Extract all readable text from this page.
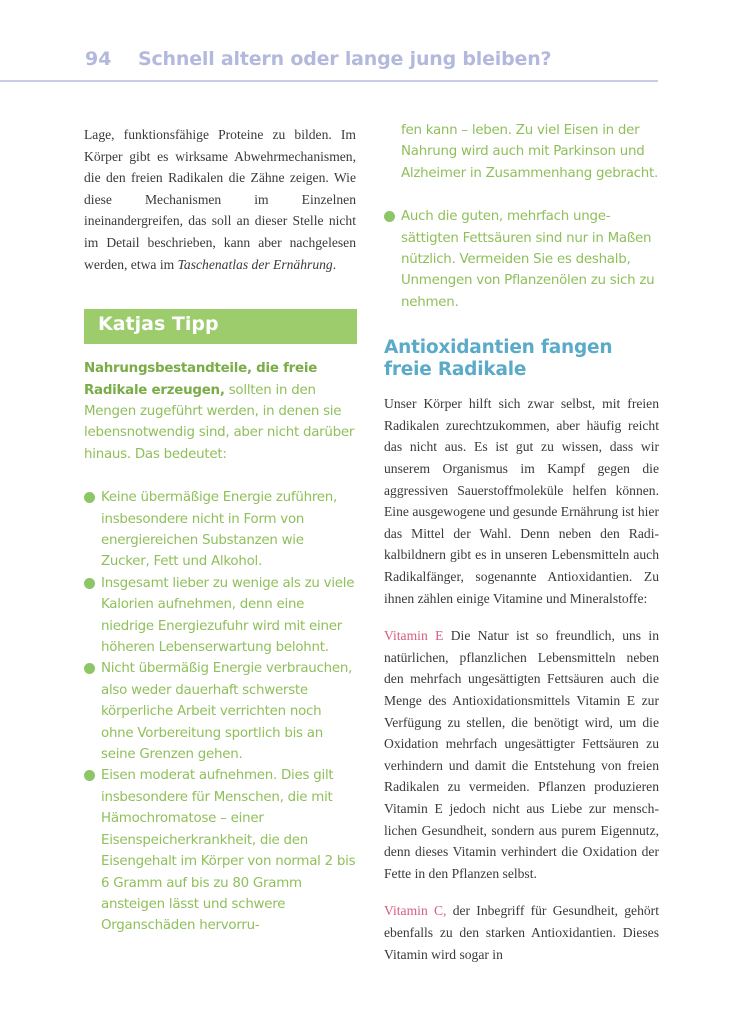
94 Schnell altern oder lange jung bleiben?

Lage, funktionsfähige Proteine zu bilden. Im Körper gibt es wirksame Abwehrmechanismen, die den freien Radikalen die Zähne zeigen. Wie diese Mechanismen im Einzelnen ineinandergreifen, das soll an dieser Stelle nicht im Detail beschrieben, kann aber nachgelesen werden, etwa im Taschenatlas der Ernährung.

Katjas Tipp

Nahrungsbestandteile, die freie Radikale erzeugen, sollten in den Mengen zugeführt werden, in denen sie lebensnotwendig sind, aber nicht darüber hinaus. Das bedeutet:

Keine übermäßige Energie zuführen, insbesondere nicht in Form von energiereichen Substanzen wie Zucker, Fett und Alkohol.
Insgesamt lieber zu wenige als zu viele Kalorien aufnehmen, denn eine niedrige Energiezufuhr wird mit einer höheren Lebenserwartung belohnt.
Nicht übermäßig Energie verbrauchen, also weder dauerhaft schwerste körperliche Arbeit verrichten noch ohne Vorbereitung sportlich bis an seine Grenzen gehen.
Eisen moderat aufnehmen. Dies gilt insbesondere für Menschen, die mit Hämochromatose – einer Eisenspeicherkrankheit, die den Eisengehalt im Körper von normal 2 bis 6 Gramm auf bis zu 80 Gramm ansteigen lässt und schwere Organschäden hervorru-

fen kann – leben. Zu viel Eisen in der Nahrung wird auch mit Parkinson und Alzheimer in Zusammenhang gebracht.

Auch die guten, mehrfach ungesättigten Fettsäuren sind nur in Maßen nützlich. Vermeiden Sie es deshalb, Unmengen von Pflanzenölen zu sich zu nehmen.
Antioxidantien fangen freie Radikale

Unser Körper hilft sich zwar selbst, mit freien Radikalen zurechtzukommen, aber häufig reicht das nicht aus. Es ist gut zu wissen, dass wir unserem Organismus im Kampf gegen die aggressiven Sauerstoffmoleküle helfen können. Eine ausgewogene und gesunde Ernährung ist hier das Mittel der Wahl. Denn neben den Radikalbildnern gibt es in unseren Lebensmitteln auch Radikalfänger, sogenannte Antioxidantien. Zu ihnen zählen einige Vitamine und Mineralstoffe:

Vitamin E Die Natur ist so freundlich, uns in natürlichen, pflanzlichen Lebensmitteln neben den mehrfach ungesättigten Fettsäuren auch die Menge des Antioxidationsmittels Vitamin E zur Verfügung zu stellen, die benötigt wird, um die Oxidation mehrfach ungesättigter Fettsäuren zu verhindern und damit die Entstehung von freien Radikalen zu vermeiden. Pflanzen produzieren Vitamin E jedoch nicht aus Liebe zur menschlichen Gesundheit, sondern aus purem Eigennutz, denn dieses Vitamin verhindert die Oxidation der Fette in den Pflanzen selbst.

Vitamin C, der Inbegriff für Gesundheit, gehört ebenfalls zu den starken Antioxidantien. Dieses Vitamin wird sogar in
